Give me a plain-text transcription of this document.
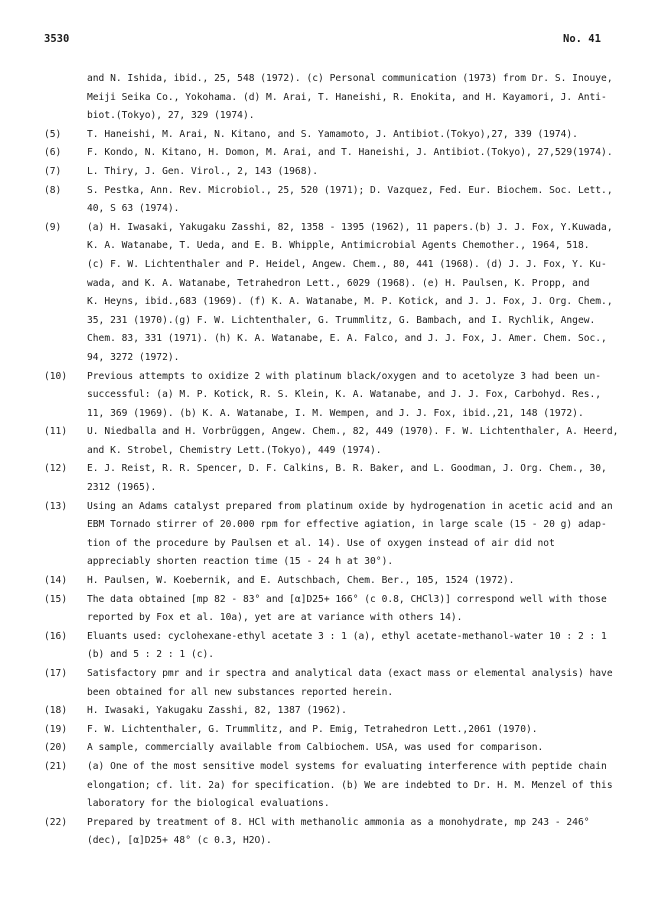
3530	No. 41
and N. Ishida, ibid., 25, 548 (1972). (c) Personal communication (1973) from Dr. S. Inouye,
Meiji Seika Co., Yokohama. (d) M. Arai, T. Haneishi, R. Enokita, and H. Kayamori, J. Anti-
biot.(Tokyo), 27, 329 (1974).
(5)	T. Haneishi, M. Arai, N. Kitano, and S. Yamamoto, J. Antibiot.(Tokyo),27, 339 (1974).
(6)	F. Kondo, N. Kitano, H. Domon, M. Arai, and T. Haneishi, J. Antibiot.(Tokyo), 27,529(1974).
(7)	L. Thiry, J. Gen. Virol., 2, 143 (1968).
(8)	S. Pestka, Ann. Rev. Microbiol., 25, 520 (1971); D. Vazquez, Fed. Eur. Biochem. Soc. Lett.,
40, S 63 (1974).
(9)	(a) H. Iwasaki, Yakugaku Zasshi, 82, 1358 - 1395 (1962), 11 papers.(b) J. J. Fox, Y.Kuwada,
K. A. Watanabe, T. Ueda, and E. B. Whipple, Antimicrobial Agents Chemother., 1964, 518.
(c) F. W. Lichtenthaler and P. Heidel, Angew. Chem., 80, 441 (1968). (d) J. J. Fox, Y. Ku-
wada, and K. A. Watanabe, Tetrahedron Lett., 6029 (1968). (e) H. Paulsen, K. Propp, and
K. Heyns, ibid.,683 (1969). (f) K. A. Watanabe, M. P. Kotick, and J. J. Fox, J. Org. Chem.,
35, 231 (1970).(g) F. W. Lichtenthaler, G. Trummlitz, G. Bambach, and I. Rychlik, Angew.
Chem. 83, 331 (1971). (h) K. A. Watanabe, E. A. Falco, and J. J. Fox, J. Amer. Chem. Soc.,
94, 3272 (1972).
(10)	Previous attempts to oxidize 2 with platinum black/oxygen and to acetolyze 3 had been un-
successful: (a) M. P. Kotick, R. S. Klein, K. A. Watanabe, and J. J. Fox, Carbohyd. Res.,
11, 369 (1969). (b) K. A. Watanabe, I. M. Wempen, and J. J. Fox, ibid.,21, 148 (1972).
(11)	U. Niedballa and H. Vorbrüggen, Angew. Chem., 82, 449 (1970). F. W. Lichtenthaler, A. Heerd,
and K. Strobel, Chemistry Lett.(Tokyo), 449 (1974).
(12)	E. J. Reist, R. R. Spencer, D. F. Calkins, B. R. Baker, and L. Goodman, J. Org. Chem., 30,
2312 (1965).
(13)	Using an Adams catalyst prepared from platinum oxide by hydrogenation in acetic acid and an
EBM Tornado stirrer of 20.000 rpm for effective agiation, in large scale (15 - 20 g) adap-
tion of the procedure by Paulsen et al. 14). Use of oxygen instead of air did not
appreciably shorten reaction time (15 - 24 h at 30°).
(14)	H. Paulsen, W. Koebernik, and E. Autschbach, Chem. Ber., 105, 1524 (1972).
(15)	The data obtained [mp 82 - 83° and [α]D25+ 166° (c 0.8, CHCl3)] correspond well with those
reported by Fox et al. 10a), yet are at variance with others 14).
(16)	Eluants used: cyclohexane-ethyl acetate 3 : 1 (a), ethyl acetate-methanol-water 10 : 2 : 1
(b) and 5 : 2 : 1 (c).
(17)	Satisfactory pmr and ir spectra and analytical data (exact mass or elemental analysis) have
been obtained for all new substances reported herein.
(18)	H. Iwasaki, Yakugaku Zasshi, 82, 1387 (1962).
(19)	F. W. Lichtenthaler, G. Trummlitz, and P. Emig, Tetrahedron Lett.,2061 (1970).
(20)	A sample, commercially available from Calbiochem. USA, was used for comparison.
(21)	(a) One of the most sensitive model systems for evaluating interference with peptide chain
elongation; cf. lit. 2a) for specification. (b) We are indebted to Dr. H. M. Menzel of this
laboratory for the biological evaluations.
(22)	Prepared by treatment of 8. HCl with methanolic ammonia as a monohydrate, mp 243 - 246°
(dec), [α]D25+ 48° (c 0.3, H2O).
